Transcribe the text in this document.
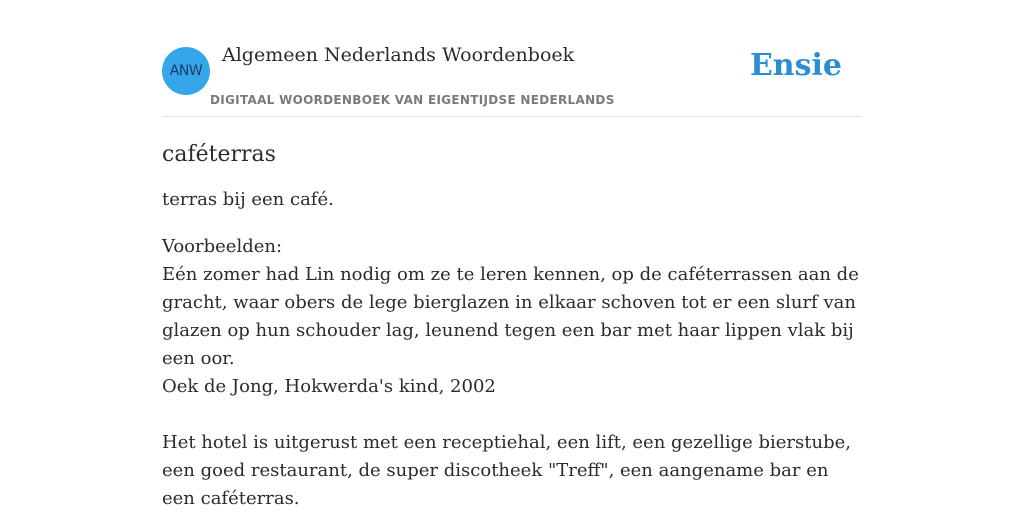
ANW
Algemeen Nederlands Woordenboek
DIGITAAL WOORDENBOEK VAN EIGENTIJDSE NEDERLANDS
Ensie
caféterras

terras bij een café.

Voorbeelden:

Eén zomer had Lin nodig om ze te leren kennen, op de caféterrassen aan de gracht, waar obers de lege bierglazen in elkaar schoven tot er een slurf van glazen op hun schouder lag, leunend tegen een bar met haar lippen vlak bij een oor.

Oek de Jong, Hokwerda's kind, 2002

Het hotel is uitgerust met een receptiehal, een lift, een gezellige bierstube, een goed restaurant, de super discotheek "Treff", een aangename bar en een caféterras.
